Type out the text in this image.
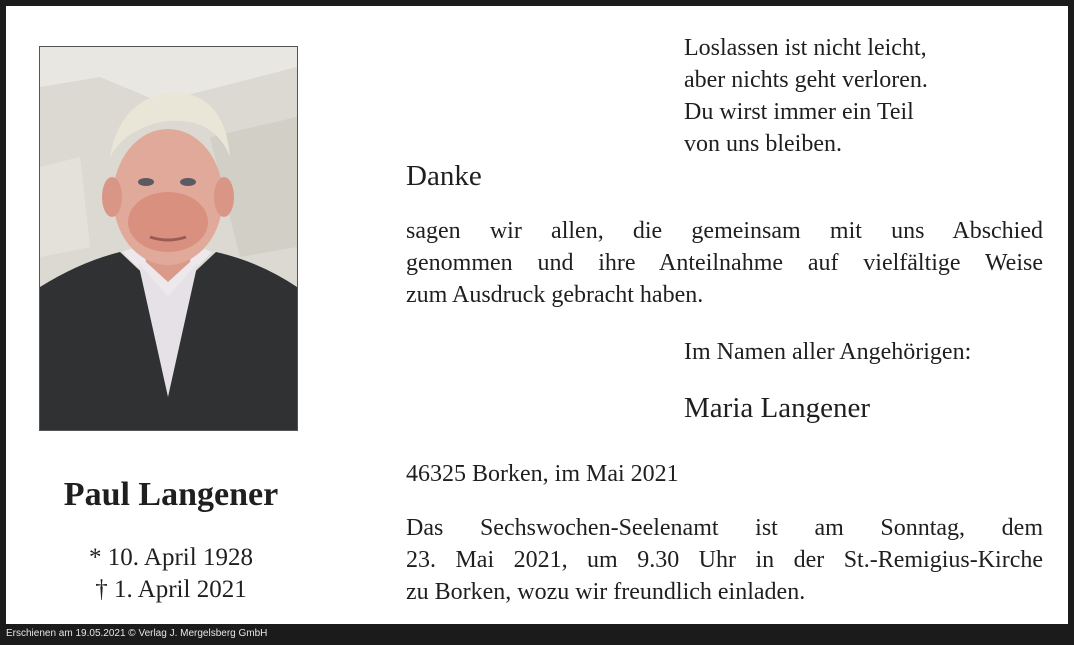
Paul Langener
* 10. April 1928
† 1. April 2021
Loslassen ist nicht leicht,
aber nichts geht verloren.
Du wirst immer ein Teil
von uns bleiben.
Danke
sagen wir allen, die gemeinsam mit uns Abschied
genommen und ihre Anteilnahme auf vielfältige Weise
zum Ausdruck gebracht haben.
Im Namen aller Angehörigen:
Maria Langener
46325 Borken, im Mai 2021
Das Sechswochen-Seelenamt ist am Sonntag, dem
23. Mai 2021, um 9.30 Uhr in der St.-Remigius-Kirche
zu Borken, wozu wir freundlich einladen.
Erschienen am 19.05.2021 © Verlag J. Mergelsberg GmbH
